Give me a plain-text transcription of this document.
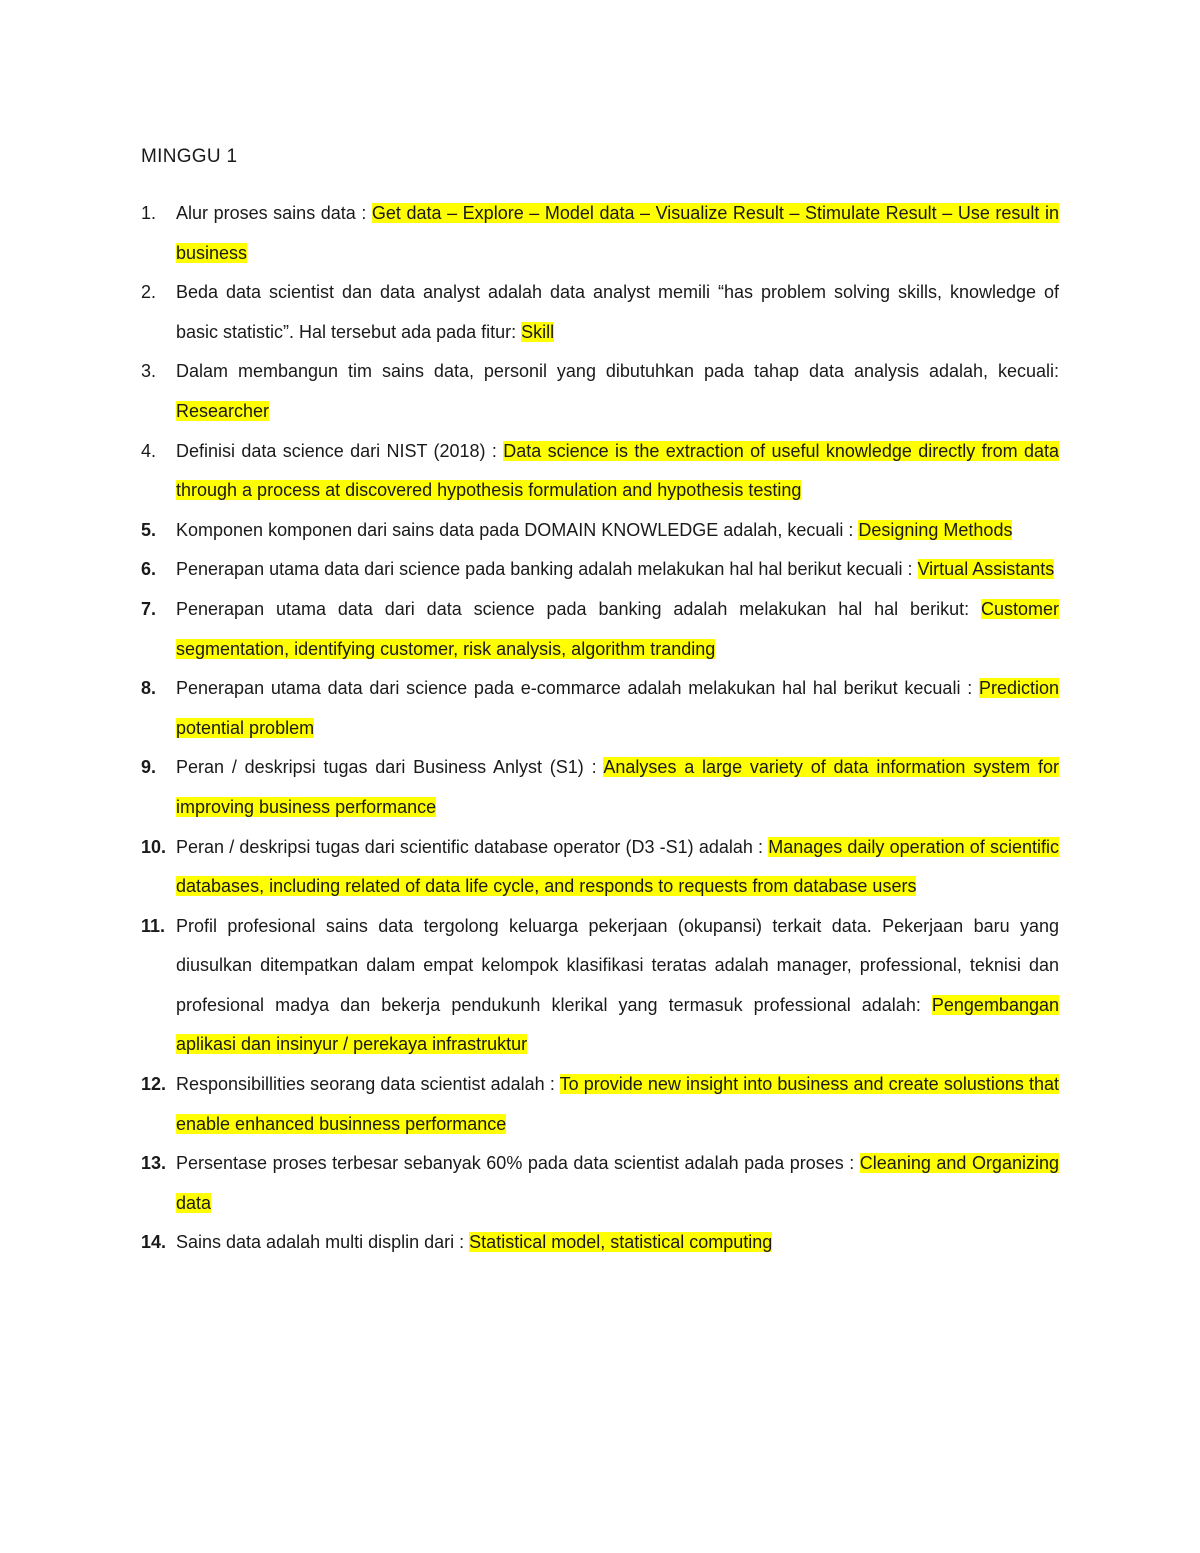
MINGGU 1
1. Alur proses sains data : Get data – Explore – Model data – Visualize Result – Stimulate Result – Use result in business
2. Beda data scientist dan data analyst adalah data analyst memili “has problem solving skills, knowledge of basic statistic”. Hal tersebut ada pada fitur: Skill
3. Dalam membangun tim sains data, personil yang dibutuhkan pada tahap data analysis adalah, kecuali: Researcher
4. Definisi data science dari NIST (2018) : Data science is the extraction of useful knowledge directly from data through a process at discovered hypothesis formulation and hypothesis testing
5. Komponen komponen dari sains data pada DOMAIN KNOWLEDGE adalah, kecuali : Designing Methods
6. Penerapan utama data dari science pada banking adalah melakukan hal hal berikut kecuali : Virtual Assistants
7. Penerapan utama data dari data science pada banking adalah melakukan hal hal berikut: Customer segmentation, identifying customer, risk analysis, algorithm tranding
8. Penerapan utama data dari science pada e-commarce adalah melakukan hal hal berikut kecuali : Prediction potential problem
9. Peran / deskripsi tugas dari Business Anlyst (S1) : Analyses a large variety of data information system for improving business performance
10. Peran / deskripsi tugas dari scientific database operator (D3 -S1) adalah : Manages daily operation of scientific databases, including related of data life cycle, and responds to requests from database users
11. Profil profesional sains data tergolong keluarga pekerjaan (okupansi) terkait data. Pekerjaan baru yang diusulkan ditempatkan dalam empat kelompok klasifikasi teratas adalah manager, professional, teknisi dan profesional madya dan bekerja pendukunh klerikal yang termasuk professional adalah: Pengembangan aplikasi dan insinyur / perekaya infrastruktur
12. Responsibillities seorang data scientist adalah : To provide new insight into business and create solustions that enable enhanced businness performance
13. Persentase proses terbesar sebanyak 60% pada data scientist adalah pada proses : Cleaning and Organizing data
14. Sains data adalah multi displin dari : Statistical model, statistical computing
